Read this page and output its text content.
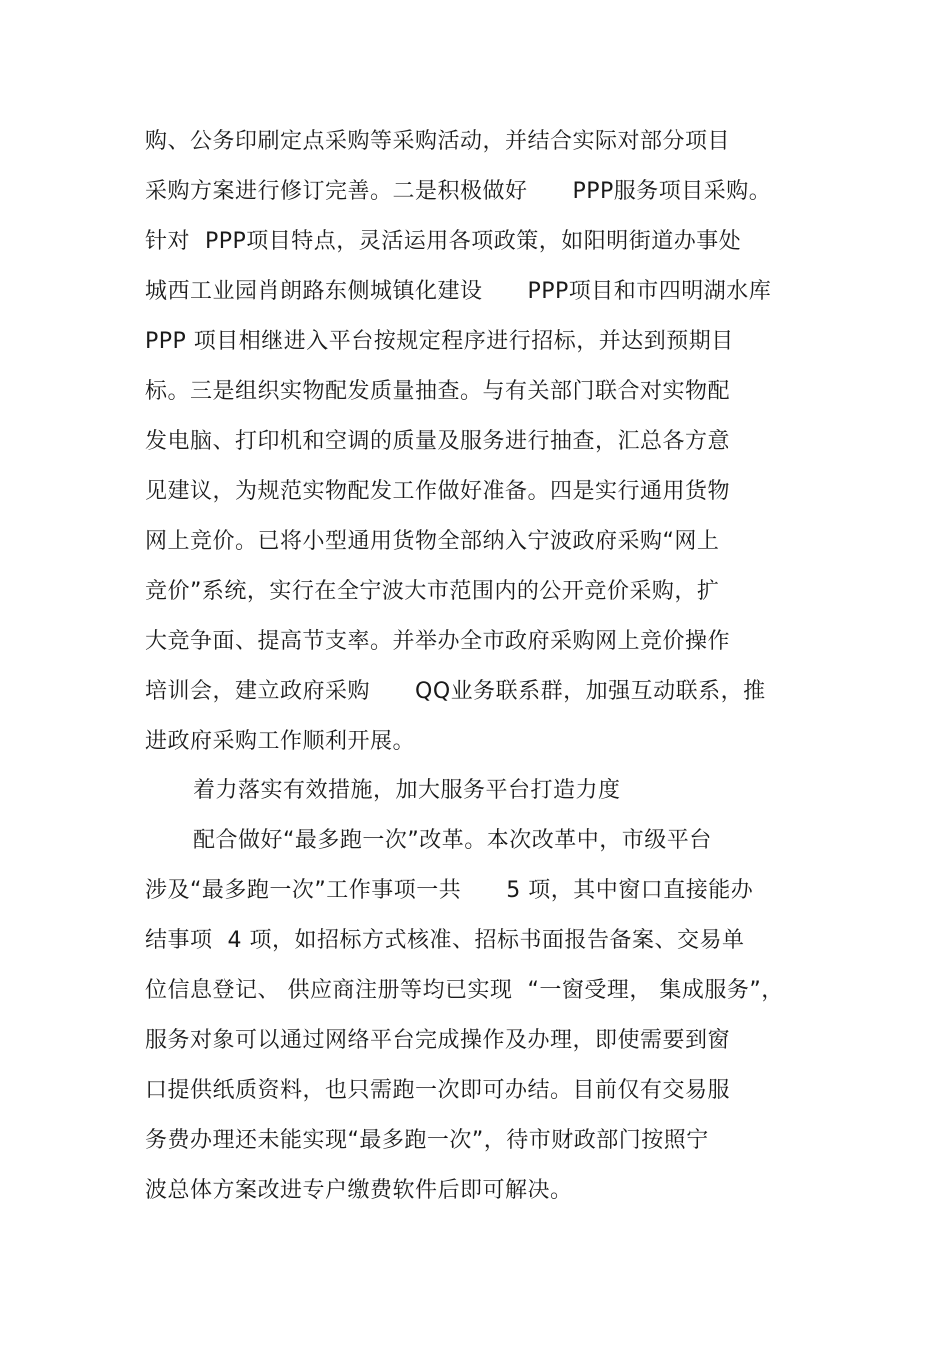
购、公务印刷定点采购等采购活动，并结合实际对部分项目
采购方案进行修订完善。二是积极做好　　PPP服务项目采购。
针对  PPP项目特点，灵活运用各项政策，如阳明街道办事处
城西工业园肖朗路东侧城镇化建设　　PPP项目和市四明湖水库
PPP 项目相继进入平台按规定程序进行招标，并达到预期目
标。三是组织实物配发质量抽查。与有关部门联合对实物配
发电脑、打印机和空调的质量及服务进行抽查，汇总各方意
见建议，为规范实物配发工作做好准备。四是实行通用货物
网上竞价。已将小型通用货物全部纳入宁波政府采购“网上
竞价”系统，实行在全宁波大市范围内的公开竞价采购，扩
大竞争面、提高节支率。并举办全市政府采购网上竞价操作
培训会，建立政府采购　　QQ业务联系群，加强互动联系，推
进政府采购工作顺利开展。
着力落实有效措施，加大服务平台打造力度
配合做好“最多跑一次”改革。本次改革中，市级平台
涉及“最多跑一次”工作事项一共　　5 项，其中窗口直接能办
结事项  4 项，如招标方式核准、招标书面报告备案、交易单
位信息登记、 供应商注册等均已实现  “一窗受理， 集成服务”，
服务对象可以通过网络平台完成操作及办理，即使需要到窗
口提供纸质资料，也只需跑一次即可办结。目前仅有交易服
务费办理还未能实现“最多跑一次”，待市财政部门按照宁
波总体方案改进专户缴费软件后即可解决。
